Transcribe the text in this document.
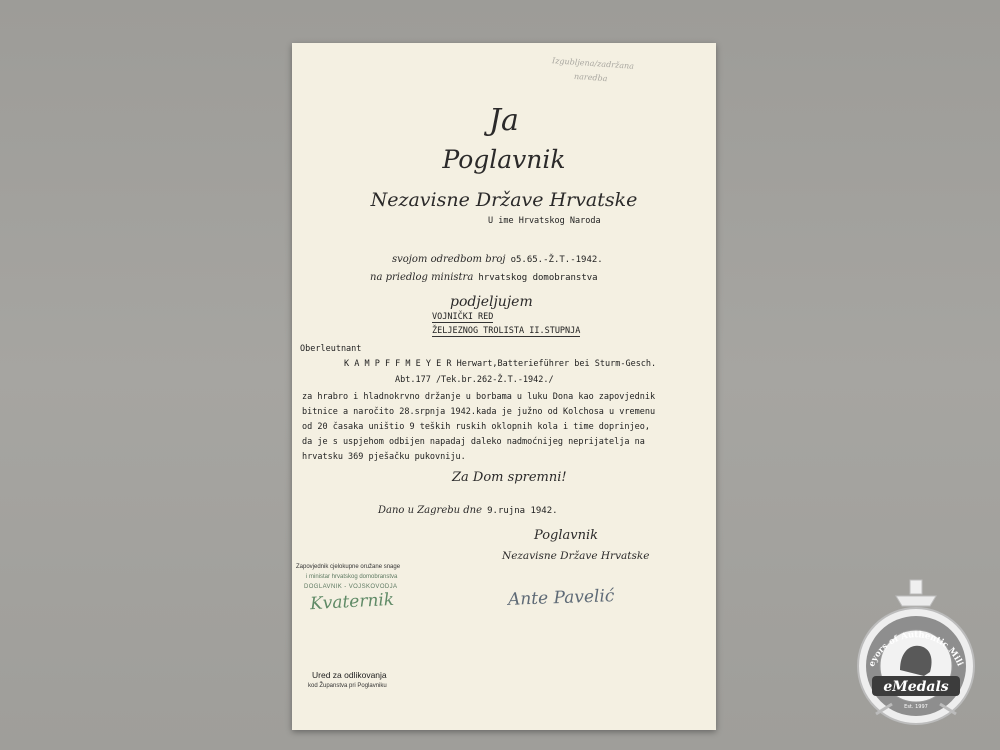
Izgubljena/zadržana
naredba
Ja
Poglavnik
Nezavisne Države Hrvatske
U ime Hrvatskog Naroda
svojom odredbom broj o5.65.-Ž.T.-1942.
na priedlog ministra hrvatskog domobranstva
podjeljujem
VOJNIČKI RED
ŽELJEZNOG TROLISTA II.STUPNJA
Oberleutnant
K A M P F F M E Y E R Herwart,Batterieführer bei Sturm-Gesch.
Abt.177 /Tek.br.262-Ž.T.-1942./
za hrabro i hladnokrvno držanje u borbama u luku Dona kao zapovjednik
bitnice a naročito 28.srpnja 1942.kada je južno od Kolchosa u vremenu
od 20 časaka uništio 9 teških ruskih oklopnih kola i time doprinjeo,
da je s uspjehom odbijen napadaj daleko nadmoćnijeg neprijatelja na
hrvatsku 369 pješačku pukovniju.
Za Dom spremni!
Dano u Zagrebu dne 9.rujna 1942.
Poglavnik
Nezavisne Države Hrvatske
Zapovjednik cjelokupne oružane snage
i ministar hrvatskog domobranstva
DOGLAVNIK - VOJSKOVODJA
Kvaternik	Ante Pavelić
Ured za odlikovanja
kod Županstva pri Poglavniku
eyors of Authentic Mili
eMedals
Est. 1997
